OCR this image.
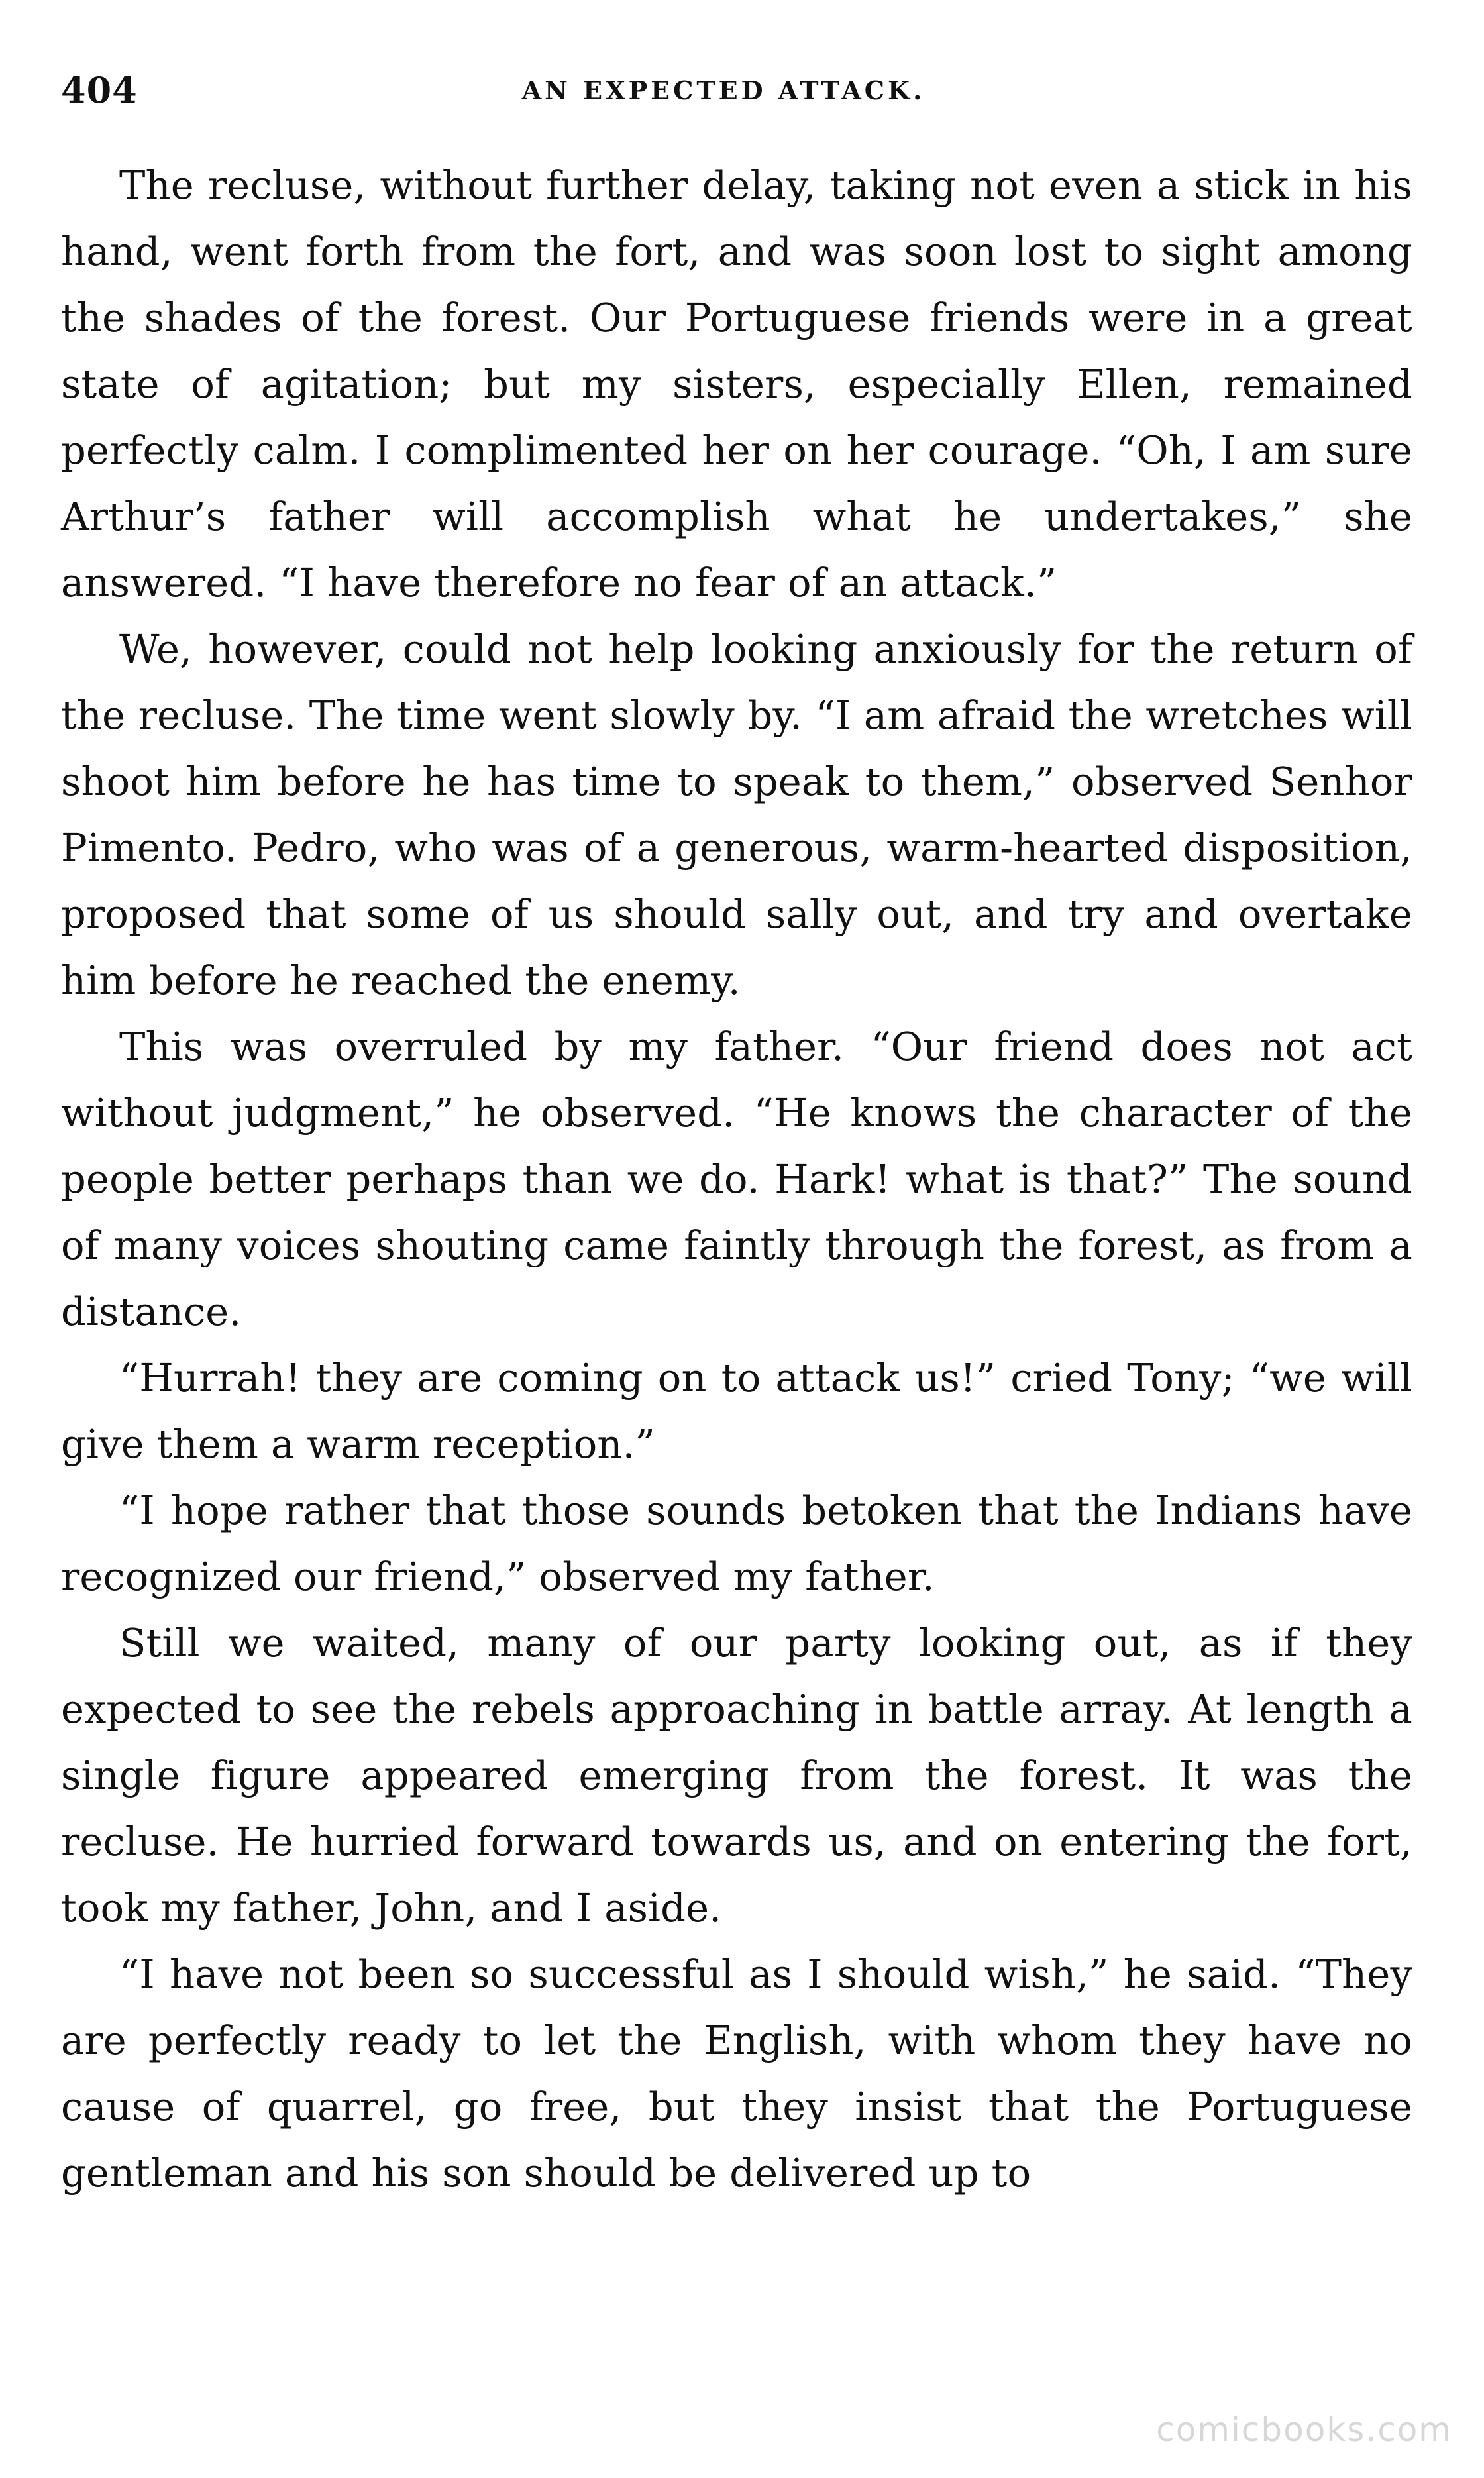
404	AN EXPECTED ATTACK.

The recluse, without further delay, taking not even a stick in his hand, went forth from the fort, and was soon lost to sight among the shades of the forest. Our Portuguese friends were in a great state of agitation; but my sisters, especially Ellen, remained perfectly calm. I complimented her on her courage. “Oh, I am sure Arthur’s father will accomplish what he undertakes,” she answered. “I have therefore no fear of an attack.”

We, however, could not help looking anxiously for the return of the recluse. The time went slowly by. “I am afraid the wretches will shoot him before he has time to speak to them,” observed Senhor Pimento. Pedro, who was of a generous, warm-hearted disposition, proposed that some of us should sally out, and try and overtake him before he reached the enemy.

This was overruled by my father. “Our friend does not act without judgment,” he observed. “He knows the character of the people better perhaps than we do. Hark! what is that?” The sound of many voices shouting came faintly through the forest, as from a distance.

“Hurrah! they are coming on to attack us!” cried Tony; “we will give them a warm reception.”

“I hope rather that those sounds betoken that the Indians have recognized our friend,” observed my father.

Still we waited, many of our party looking out, as if they expected to see the rebels approaching in battle array. At length a single figure appeared emerging from the forest. It was the recluse. He hurried forward towards us, and on entering the fort, took my father, John, and I aside.

“I have not been so successful as I should wish,” he said. “They are perfectly ready to let the English, with whom they have no cause of quarrel, go free, but they insist that the Portuguese gentleman and his son should be delivered up to

comicbooks.com
